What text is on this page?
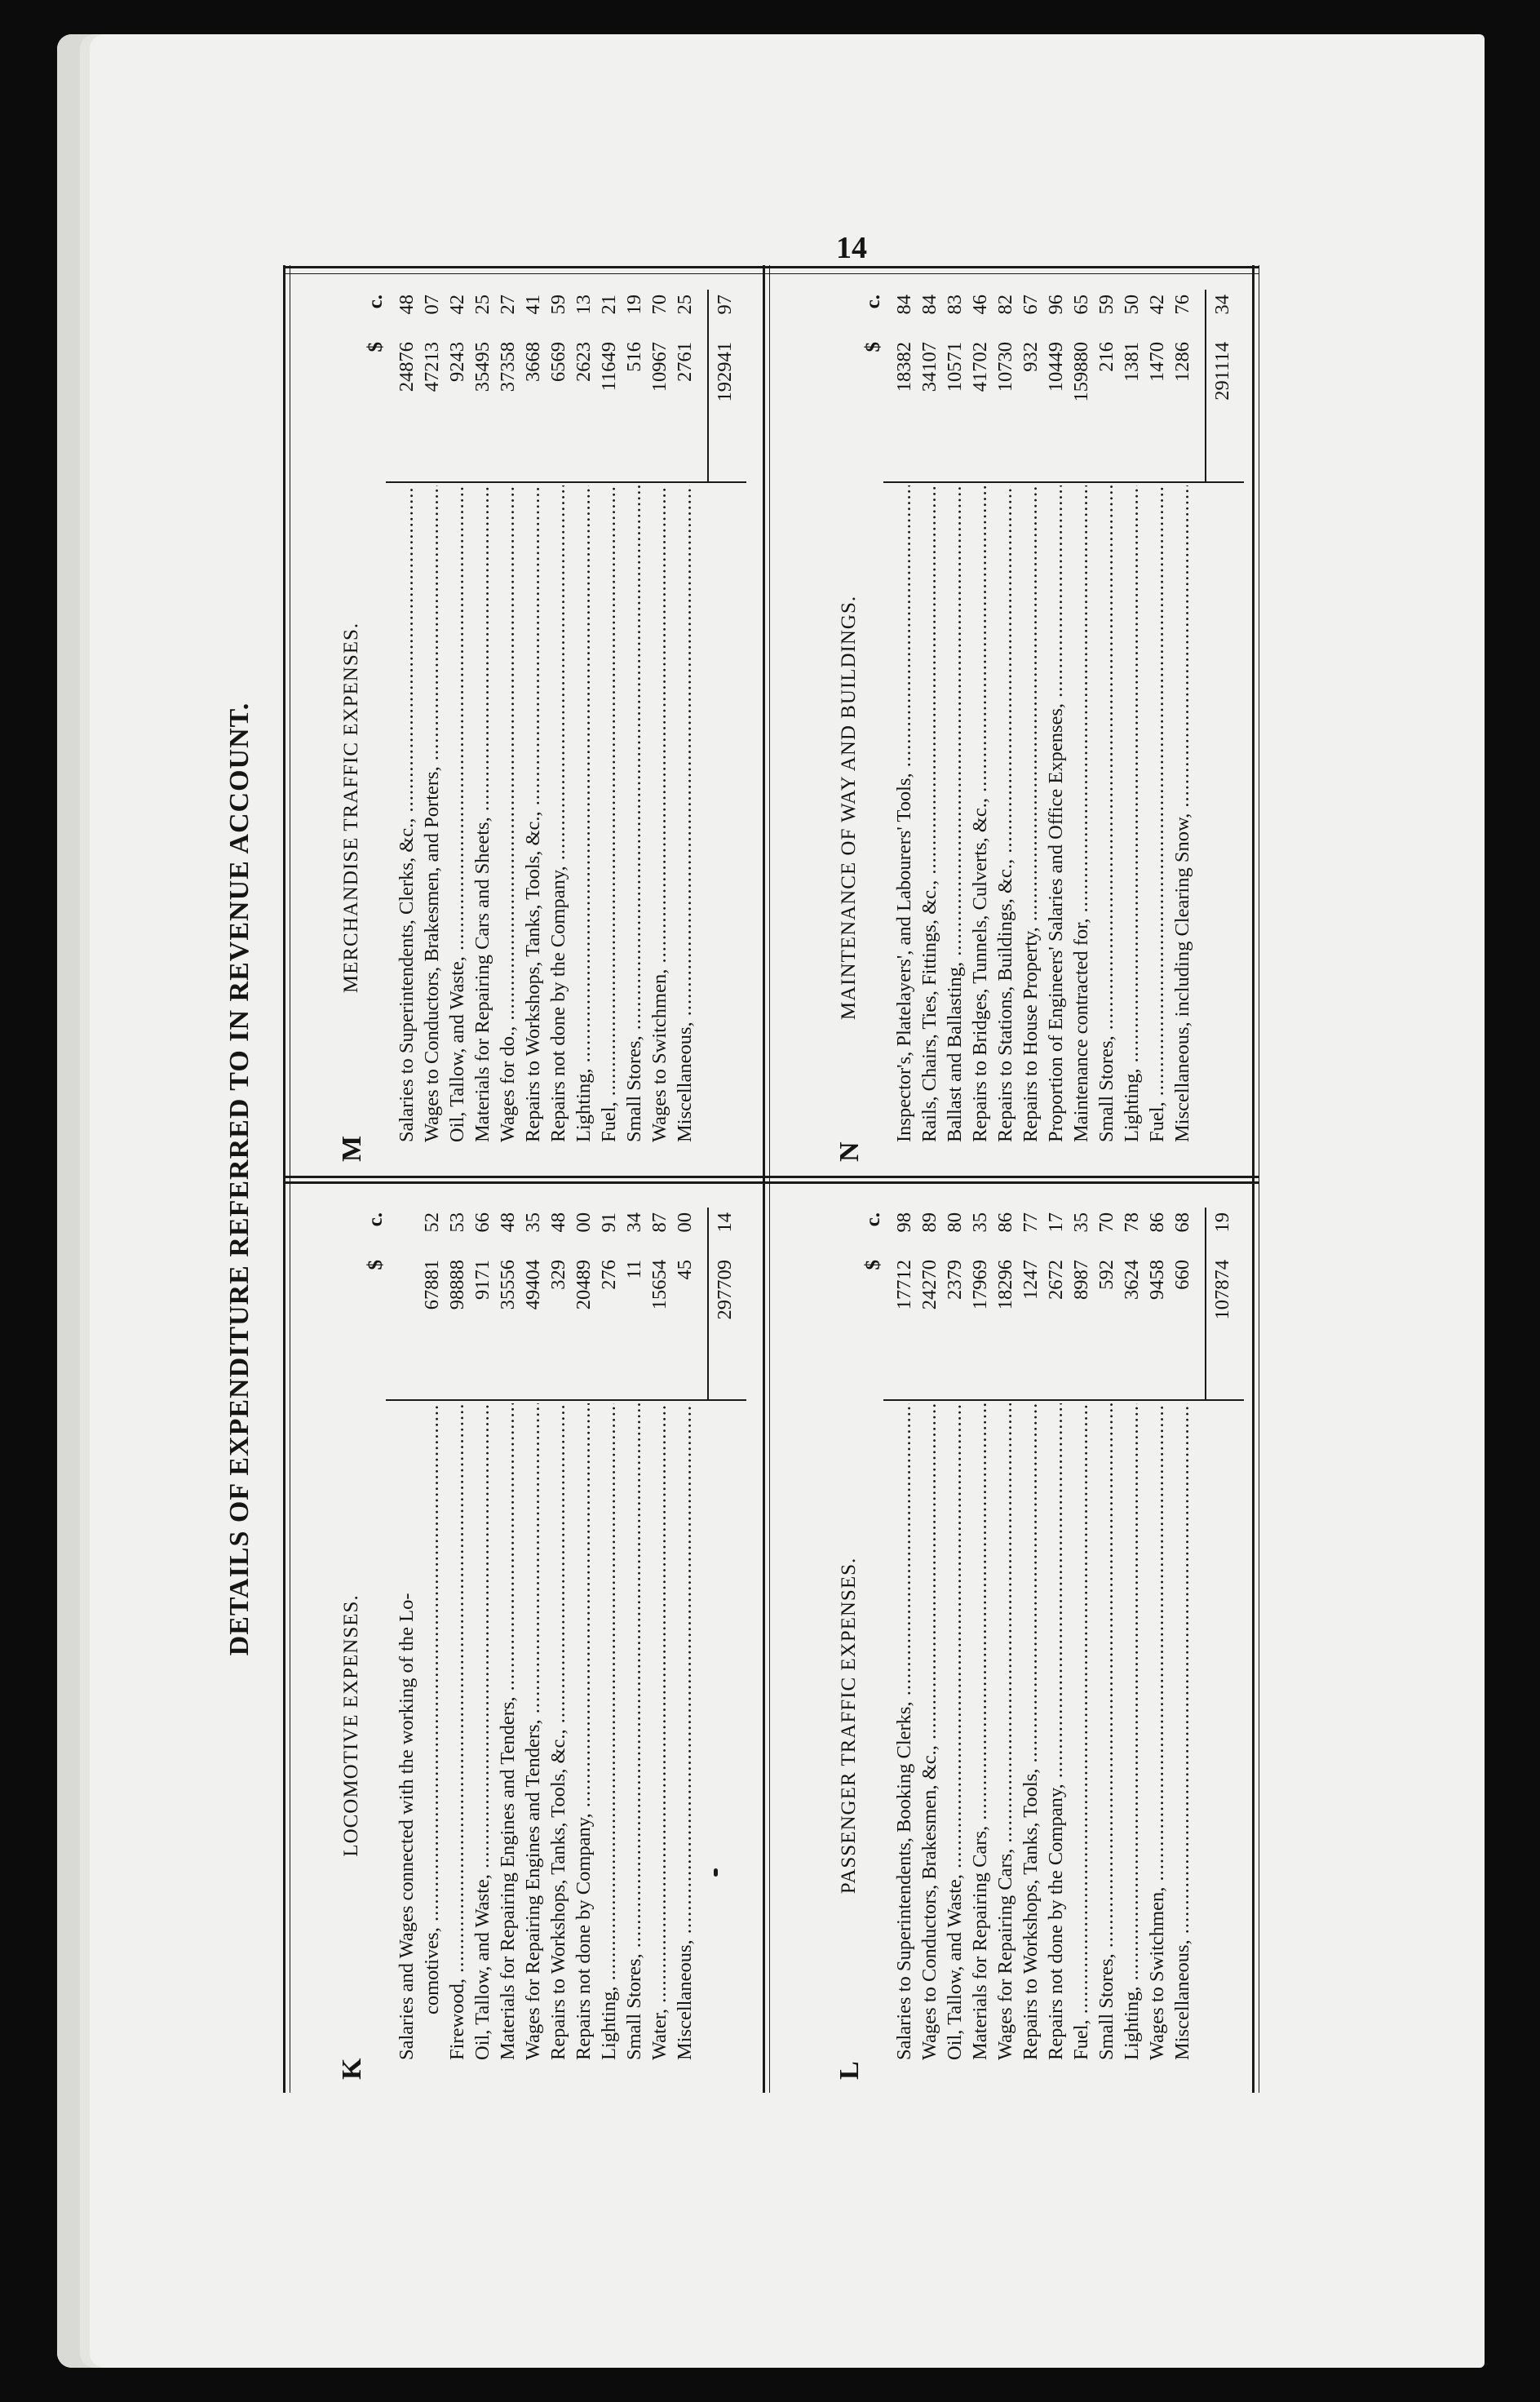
14
DETAILS OF EXPENDITURE REFERRED TO IN REVENUE ACCOUNT.
K
LOCOMOTIVE EXPENSES.
$
c.
Salaries and Wages connected with the working of the Lo- comotives, .....
67881
52
Firewood, .....
98888
53
Oil, Tallow, and Waste, .....
9171
66
Materials for Repairing Engines and Tenders, .....
35556
48
Wages for Repairing Engines and Tenders, .....
49404
35
Repairs to Workshops, Tanks, Tools, &c., .....
329
48
Repairs not done by Company, .....
20489
00
Lighting, .....
276
91
Small Stores, .....
11
34
Water, .....
15654
87
Miscellaneous, .....
45
00
297709
14
M
MERCHANDISE TRAFFIC EXPENSES.
$
c.
Salaries to Superintendents, Clerks, &c., .....
24876
48
Wages to Conductors, Brakesmen, and Porters, .....
47213
07
Oil, Tallow, and Waste, .....
9243
42
Materials for Repairing Cars and Sheets, .....
35495
25
Wages for do., .....
37358
27
Repairs to Workshops, Tanks, Tools, &c., .....
3668
41
Repairs not done by the Company, .....
6569
59
Lighting, .....
2623
13
Fuel, .....
11649
21
Small Stores, .....
516
19
Wages to Switchmen, .....
10967
70
Miscellaneous, .....
2761
25
192941
97
L
PASSENGER TRAFFIC EXPENSES.
$
c.
Salaries to Superintendents, Booking Clerks, .....
17712
98
Wages to Conductors, Brakesmen, &c., .....
24270
89
Oil, Tallow, and Waste, .....
2379
80
Materials for Repairing Cars, .....
17969
35
Wages for Repairing Cars, .....
18296
86
Repairs to Workshops, Tanks, Tools, .....
1247
77
Repairs not done by the Company, .....
2672
17
Fuel, .....
8987
35
Small Stores, .....
592
70
Lighting, .....
3624
78
Wages to Switchmen, .....
9458
86
Miscellaneous, .....
660
68
107874
19
N
MAINTENANCE OF WAY AND BUILDINGS.
$
c.
Inspector's, Platelayers', and Labourers' Tools, .....
18382
84
Rails, Chairs, Ties, Fittings, &c., .....
34107
84
Ballast and Ballasting, .....
10571
83
Repairs to Bridges, Tunnels, Culverts, &c., .....
41702
46
Repairs to Stations, Buildings, &c., .....
10730
82
Repairs to House Property, .....
932
67
Proportion of Engineers' Salaries and Office Expenses, .....
10449
96
Maintenance contracted for, .....
159880
65
Small Stores, .....
216
59
Lighting, .....
1381
50
Fuel, .....
1470
42
Miscellaneous, including Clearing Snow, .....
1286
76
291114
34
